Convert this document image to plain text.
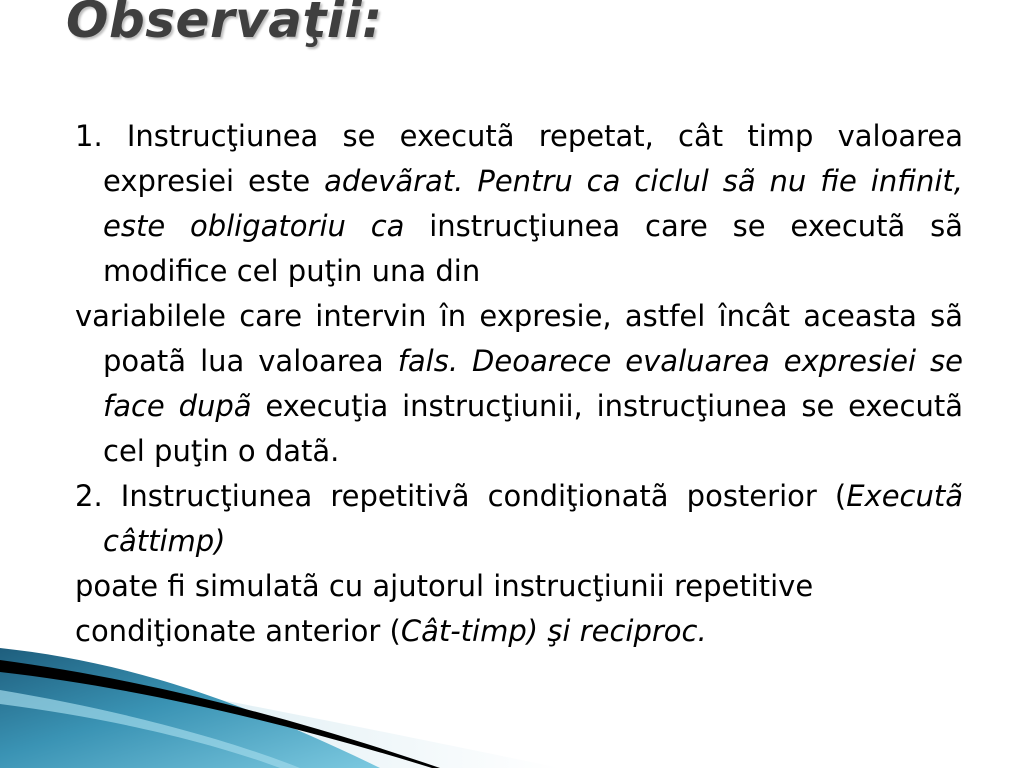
Observaţii:

1. Instrucţiunea se executã repetat, cât timp valoarea expresiei este adevãrat. Pentru ca ciclul sã nu fie infinit, este obligatoriu ca instrucţiunea care se executã sã modifice cel puţin una din

variabilele care intervin în expresie, astfel încât aceasta sã poatã lua valoarea fals. Deoarece evaluarea expresiei se face dupã execuţia instrucţiunii, instrucţiunea se executã cel puţin o datã.

2. Instrucţiunea repetitivã condiţionatã posterior (Executã câttimp)

poate fi simulatã cu ajutorul instrucţiunii repetitive

condiţionate anterior (Cât-timp) şi reciproc.
